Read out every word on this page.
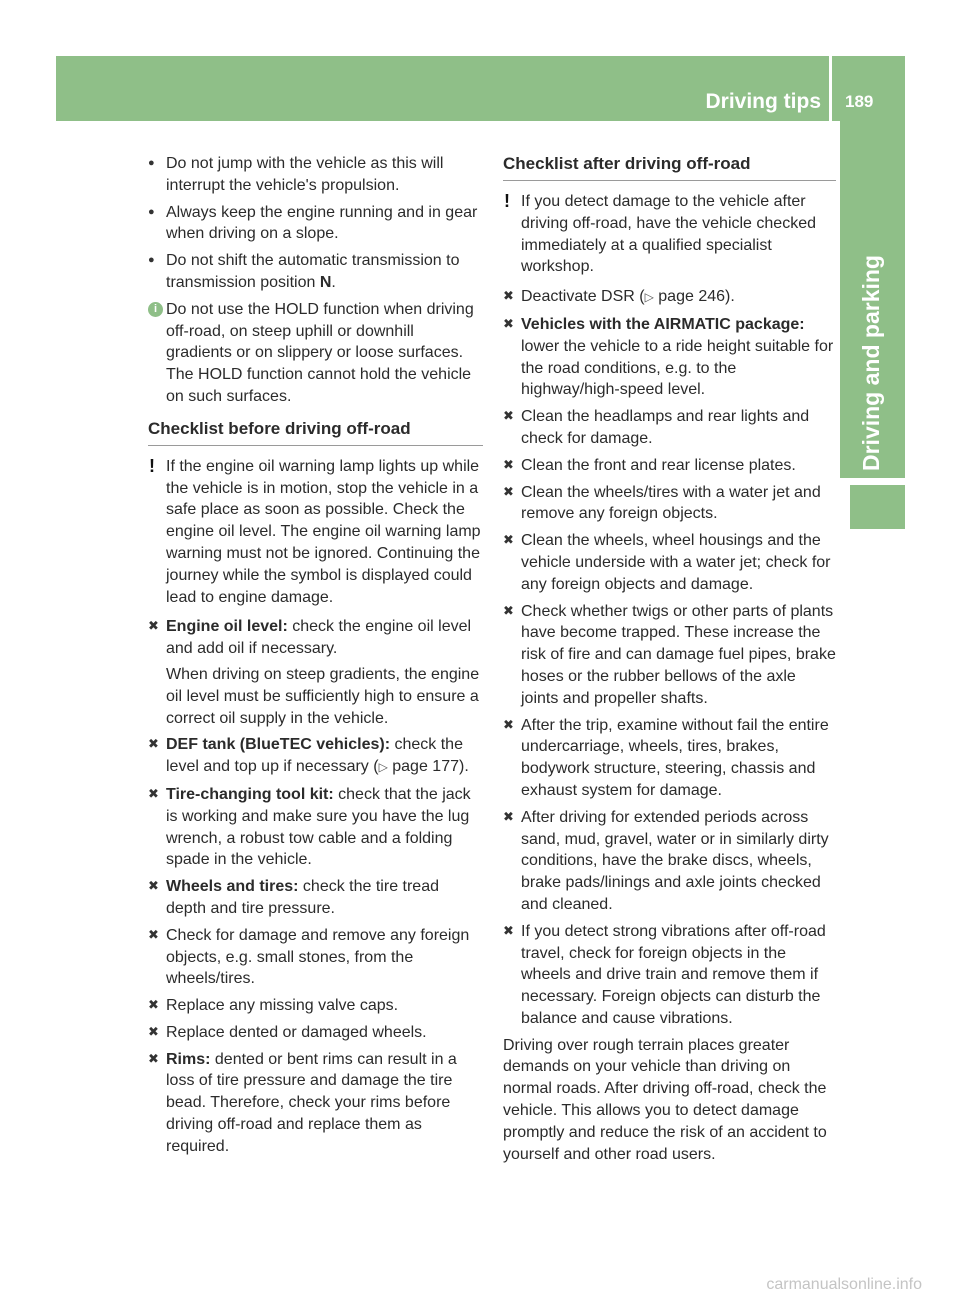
Driving tips 189
Driving and parking
● Do not jump with the vehicle as this will interrupt the vehicle's propulsion.
● Always keep the engine running and in gear when driving on a slope.
● Do not shift the automatic transmission to transmission position N.
i Do not use the HOLD function when driving off-road, on steep uphill or downhill gradients or on slippery or loose surfaces. The HOLD function cannot hold the vehicle on such surfaces.
Checklist before driving off-road
! If the engine oil warning lamp lights up while the vehicle is in motion, stop the vehicle in a safe place as soon as possible. Check the engine oil level. The engine oil warning lamp warning must not be ignored. Continuing the journey while the symbol is displayed could lead to engine damage.
✖ Engine oil level: check the engine oil level and add oil if necessary.

When driving on steep gradients, the engine oil level must be sufficiently high to ensure a correct oil supply in the vehicle.

✖ DEF tank (BlueTEC vehicles): check the level and top up if necessary (▷ page 177).
✖ Tire-changing tool kit: check that the jack is working and make sure you have the lug wrench, a robust tow cable and a folding spade in the vehicle.
✖ Wheels and tires: check the tire tread depth and tire pressure.
✖ Check for damage and remove any foreign objects, e.g. small stones, from the wheels/tires.
✖ Replace any missing valve caps.
✖ Replace dented or damaged wheels.
✖ Rims: dented or bent rims can result in a loss of tire pressure and damage the tire bead. Therefore, check your rims before driving off-road and replace them as required.
Checklist after driving off-road
! If you detect damage to the vehicle after driving off-road, have the vehicle checked immediately at a qualified specialist workshop.
✖ Deactivate DSR (▷ page 246).
✖ Vehicles with the AIRMATIC package: lower the vehicle to a ride height suitable for the road conditions, e.g. to the highway/high-speed level.
✖ Clean the headlamps and rear lights and check for damage.
✖ Clean the front and rear license plates.
✖ Clean the wheels/tires with a water jet and remove any foreign objects.
✖ Clean the wheels, wheel housings and the vehicle underside with a water jet; check for any foreign objects and damage.
✖ Check whether twigs or other parts of plants have become trapped. These increase the risk of fire and can damage fuel pipes, brake hoses or the rubber bellows of the axle joints and propeller shafts.
✖ After the trip, examine without fail the entire undercarriage, wheels, tires, brakes, bodywork structure, steering, chassis and exhaust system for damage.
✖ After driving for extended periods across sand, mud, gravel, water or in similarly dirty conditions, have the brake discs, wheels, brake pads/linings and axle joints checked and cleaned.
✖ If you detect strong vibrations after off-road travel, check for foreign objects in the wheels and drive train and remove them if necessary. Foreign objects can disturb the balance and cause vibrations.

Driving over rough terrain places greater demands on your vehicle than driving on normal roads. After driving off-road, check the vehicle. This allows you to detect damage promptly and reduce the risk of an accident to yourself and other road users.

carmanualsonline.info
